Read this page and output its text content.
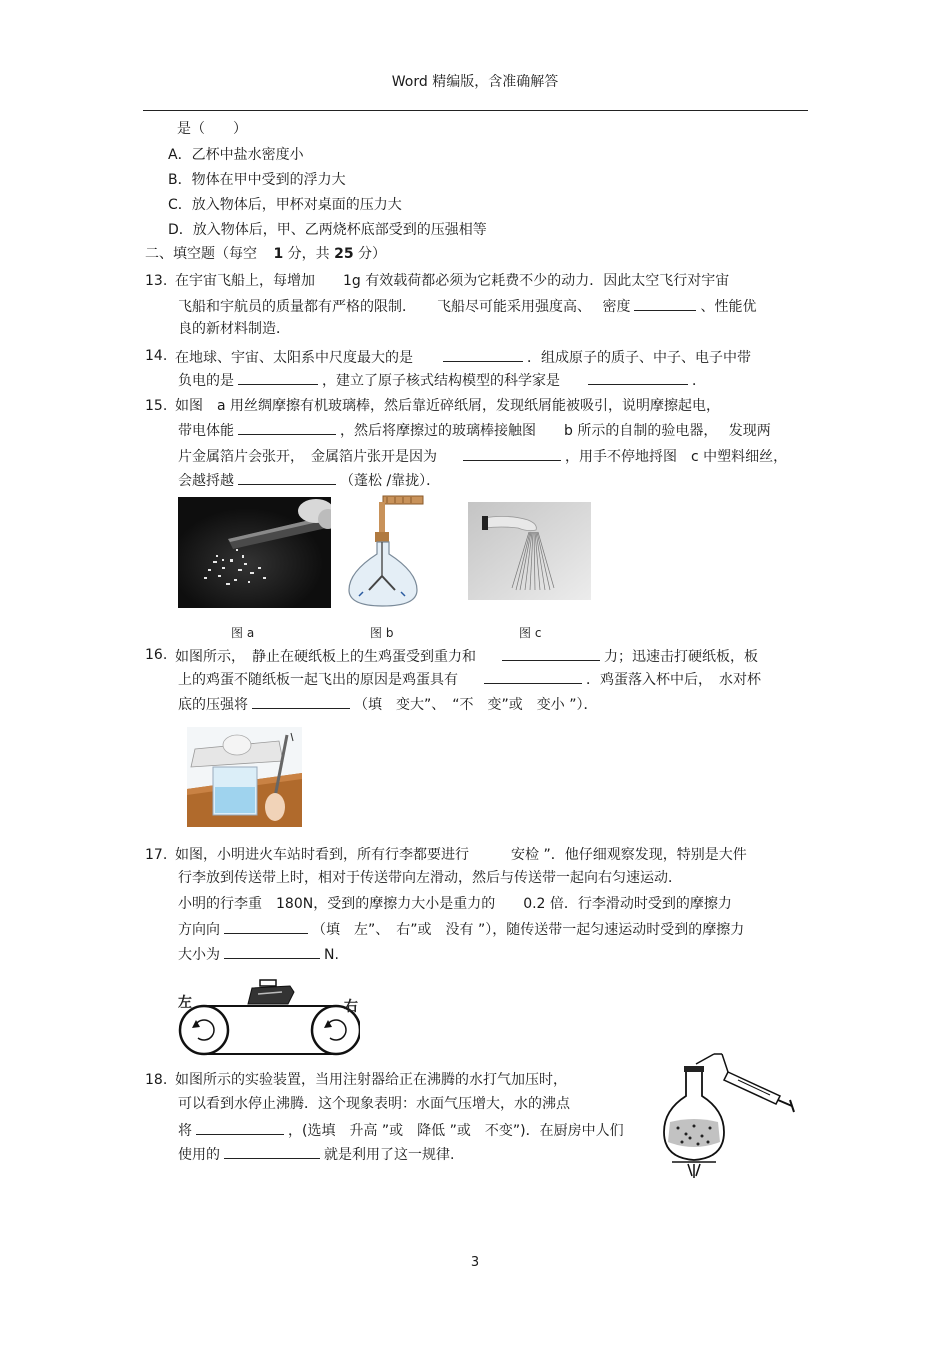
Word 精编版，含准确解答
是（　　）
A．乙杯中盐水密度小
B．物体在甲中受到的浮力大
C．放入物体后，甲杯对桌面的压力大
D．放入物体后，甲、乙两烧杯底部受到的压强相等
二、填空题（每空 1 分，共 25 分）
13. 在宇宙飞船上，每增加　　1g 有效载荷都必须为它耗费不少的动力．因此太空飞行对宇宙
飞船和宇航员的质量都有严格的限制．　　飞船尽可能采用强度高、　 密度	、性能优
良的新材料制造．
14. 在地球、宇宙、太阳系中尺度最大的是	．组成原子的质子、中子、电子中带
负电的是	，建立了原子核式结构模型的科学家是	．
15. 如图　a 用丝绸摩擦有机玻璃棒，然后靠近碎纸屑，发现纸屑能被吸引，说明摩擦起电，
带电体能	，然后将摩擦过的玻璃棒接触图　　b 所示的自制的验电器，　 发现两
片金属箔片会张开，　金属箔片张开是因为	，用手不停地捋图　c 中塑料细丝，
会越捋越	（蓬松 /靠拢）．
图 a	图 b	图 c
16. 如图所示，　静止在硬纸板上的生鸡蛋受到重力和	力；迅速击打硬纸板，板
上的鸡蛋不随纸板一起飞出的原因是鸡蛋具有	．鸡蛋落入杯中后，　水对杯
底的压强将	（填　变大”、　“不　变”或　变小 ”）．
17. 如图，小明进火车站时看到，所有行李都要进行　　　安检 ”．他仔细观察发现，特别是大件
行李放到传送带上时，相对于传送带向左滑动，然后与传送带一起向右匀速运动．
小明的行李重　180N，受到的摩擦力大小是重力的　　0.2 倍．行李滑动时受到的摩擦力
方向向	（填　左”、　右”或　没有 ”），随传送带一起匀速运动时受到的摩擦力
大小为	N.
左	右
18. 如图所示的实验装置，当用注射器给正在沸腾的水打气加压时，
可以看到水停止沸腾．这个现象表明：水面气压增大，水的沸点
将	，(选填　升高 ”或　降低 ”或　不变”)．在厨房中人们
使用的	就是利用了这一规律.
3
